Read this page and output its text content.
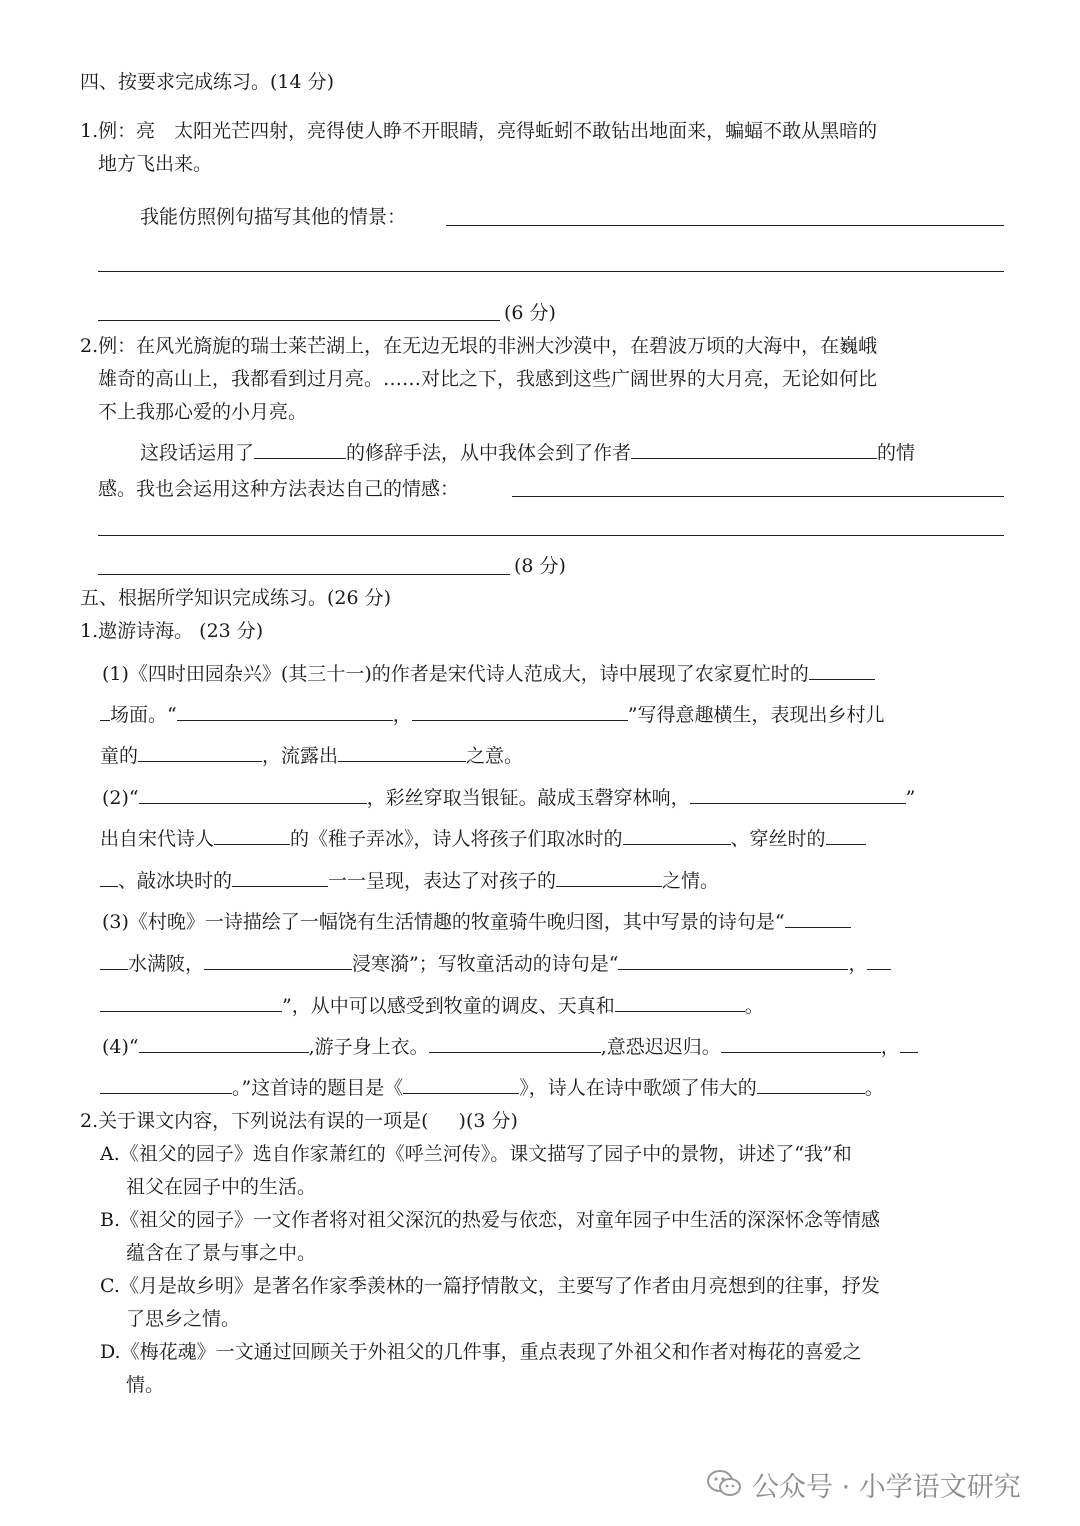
四、按要求完成练习。(14 分)
1.例：亮　太阳光芒四射，亮得使人睁不开眼睛，亮得蚯蚓不敢钻出地面来，蝙蝠不敢从黑暗的
地方飞出来。
我能仿照例句描写其他的情景：
(6 分)
2.例：在风光旖旎的瑞士莱芒湖上，在无边无垠的非洲大沙漠中，在碧波万顷的大海中，在巍峨
雄奇的高山上，我都看到过月亮。……对比之下，我感到这些广阔世界的大月亮，无论如何比
不上我那心爱的小月亮。
这段话运用了	的修辞手法，从中我体会到了作者	的情
感。我也会运用这种方法表达自己的情感：
(8 分)
五、根据所学知识完成练习。(26 分)
1.遨游诗海。 (23 分)
(1)《四时田园杂兴》(其三十一)的作者是宋代诗人范成大，诗中展现了农家夏忙时的
场面。“	，	”写得意趣横生，表现出乡村儿
童的	，流露出	之意。
(2)“	，彩丝穿取当银钲。敲成玉磬穿林响，	”
出自宋代诗人	的《稚子弄冰》，诗人将孩子们取冰时的	、穿丝时的
、敲冰块时的	一一呈现，表达了对孩子的	之情。
(3)《村晚》一诗描绘了一幅饶有生活情趣的牧童骑牛晚归图，其中写景的诗句是“
水满陂，	浸寒漪”；写牧童活动的诗句是“	，
”，从中可以感受到牧童的调皮、天真和	。
(4)“	,游子身上衣。	,意恐迟迟归。	，
。”这首诗的题目是《	》，诗人在诗中歌颂了伟大的	。
2.关于课文内容，下列说法有误的一项是( )(3 分)
A.《祖父的园子》选自作家萧红的《呼兰河传》。课文描写了园子中的景物，讲述了“我”和
祖父在园子中的生活。
B.《祖父的园子》一文作者将对祖父深沉的热爱与依恋，对童年园子中生活的深深怀念等情感
蕴含在了景与事之中。
C.《月是故乡明》是著名作家季羡林的一篇抒情散文，主要写了作者由月亮想到的往事，抒发
了思乡之情。
D.《梅花魂》一文通过回顾关于外祖父的几件事，重点表现了外祖父和作者对梅花的喜爱之
情。
公众号 · 小学语文研究
